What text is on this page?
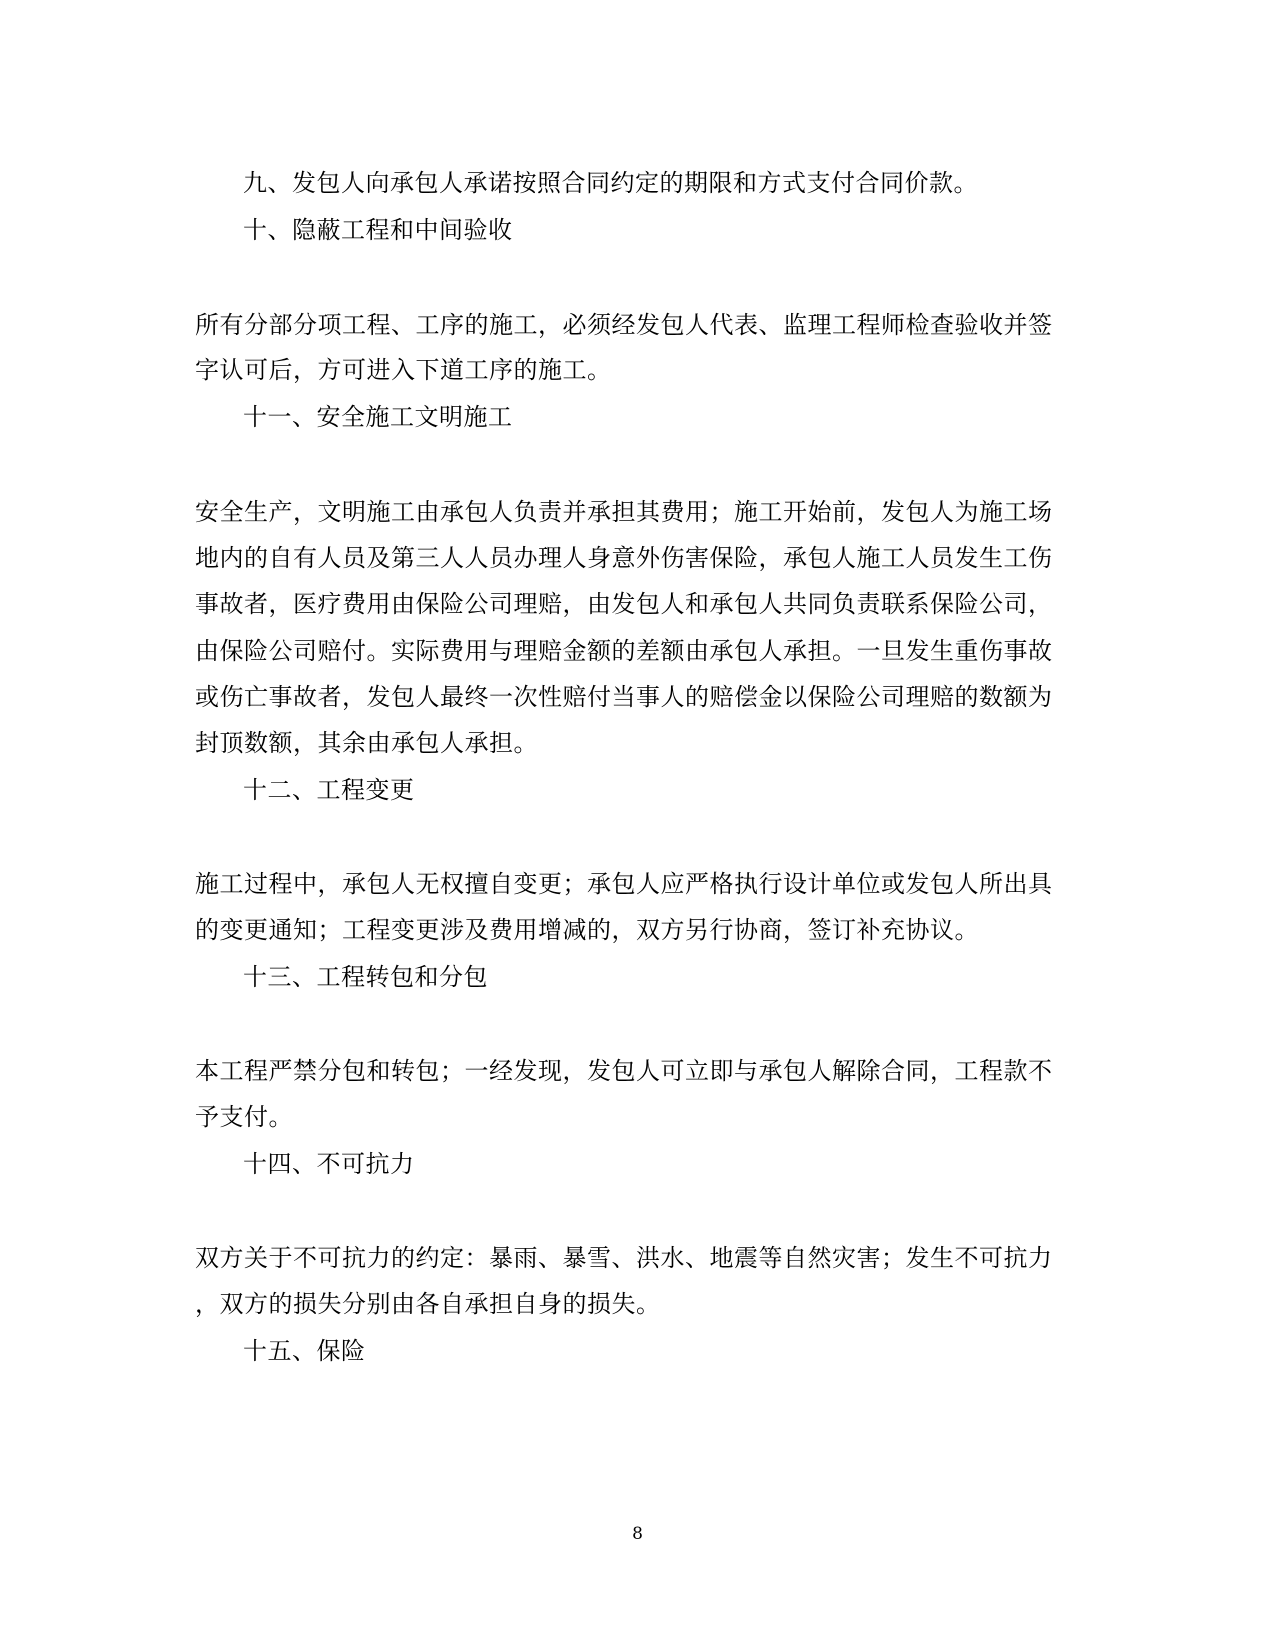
九、发包人向承包人承诺按照合同约定的期限和方式支付合同价款。
十、隐蔽工程和中间验收
所有分部分项工程、工序的施工，必须经发包人代表、监理工程师检查验收并签
字认可后，方可进入下道工序的施工。
十一、安全施工文明施工
安全生产，文明施工由承包人负责并承担其费用；施工开始前，发包人为施工场
地内的自有人员及第三人人员办理人身意外伤害保险，承包人施工人员发生工伤
事故者，医疗费用由保险公司理赔，由发包人和承包人共同负责联系保险公司，
由保险公司赔付。实际费用与理赔金额的差额由承包人承担。一旦发生重伤事故
或伤亡事故者，发包人最终一次性赔付当事人的赔偿金以保险公司理赔的数额为
封顶数额，其余由承包人承担。
十二、工程变更
施工过程中，承包人无权擅自变更；承包人应严格执行设计单位或发包人所出具
的变更通知；工程变更涉及费用增减的，双方另行协商，签订补充协议。
十三、工程转包和分包
本工程严禁分包和转包；一经发现，发包人可立即与承包人解除合同，工程款不
予支付。
十四、不可抗力
双方关于不可抗力的约定：暴雨、暴雪、洪水、地震等自然灾害；发生不可抗力
，双方的损失分别由各自承担自身的损失。
十五、保险
8
